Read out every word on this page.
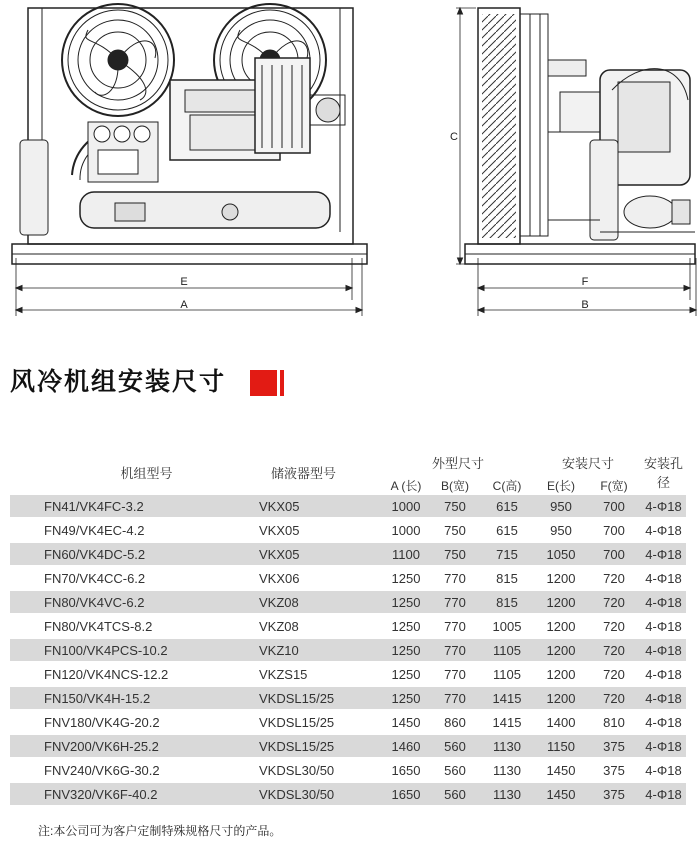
E
A
C
F
B
风冷机组安装尺寸
机组型号	储液器型号	外型尺寸			安装尺寸		安装孔径
		A (长)	B(宽)	C(高)	E(长)	F(宽)	
FN41/VK4FC-3.2	VKX05	1000	750	615	950	700	4-Φ18
FN49/VK4EC-4.2	VKX05	1000	750	615	950	700	4-Φ18
FN60/VK4DC-5.2	VKX05	1100	750	715	1050	700	4-Φ18
FN70/VK4CC-6.2	VKX06	1250	770	815	1200	720	4-Φ18
FN80/VK4VC-6.2	VKZ08	1250	770	815	1200	720	4-Φ18
FN80/VK4TCS-8.2	VKZ08	1250	770	1005	1200	720	4-Φ18
FN100/VK4PCS-10.2	VKZ10	1250	770	1105	1200	720	4-Φ18
FN120/VK4NCS-12.2	VKZS15	1250	770	1105	1200	720	4-Φ18
FN150/VK4H-15.2	VKDSL15/25	1250	770	1415	1200	720	4-Φ18
FNV180/VK4G-20.2	VKDSL15/25	1450	860	1415	1400	810	4-Φ18
FNV200/VK6H-25.2	VKDSL15/25	1460	560	1130	1150	375	4-Φ18
FNV240/VK6G-30.2	VKDSL30/50	1650	560	1130	1450	375	4-Φ18
FNV320/VK6F-40.2	VKDSL30/50	1650	560	1130	1450	375	4-Φ18
注:本公司可为客户定制特殊规格尺寸的产品。
